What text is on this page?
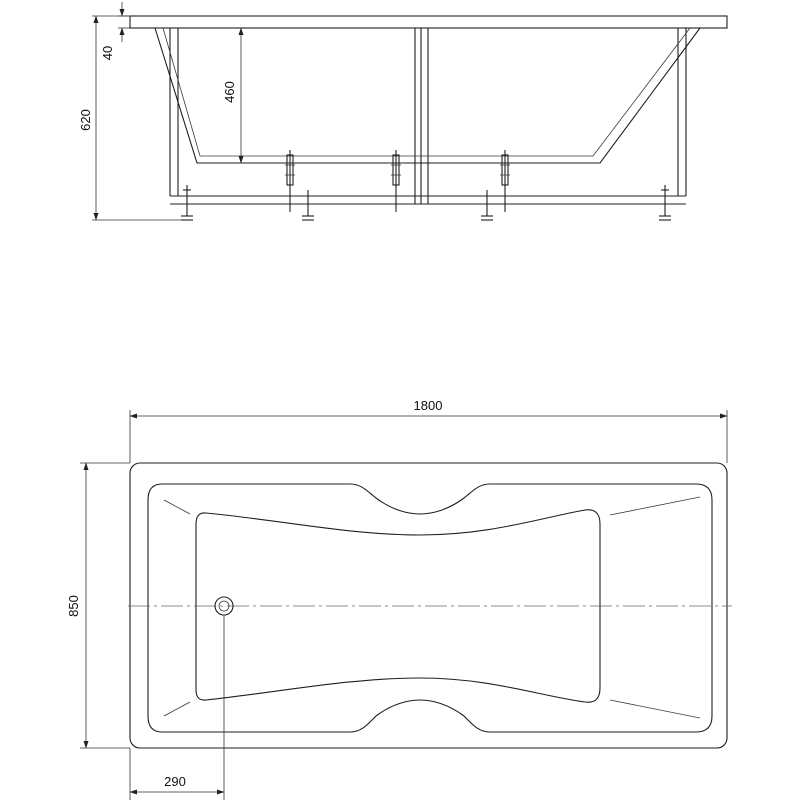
40
460
620
1800
850
290
